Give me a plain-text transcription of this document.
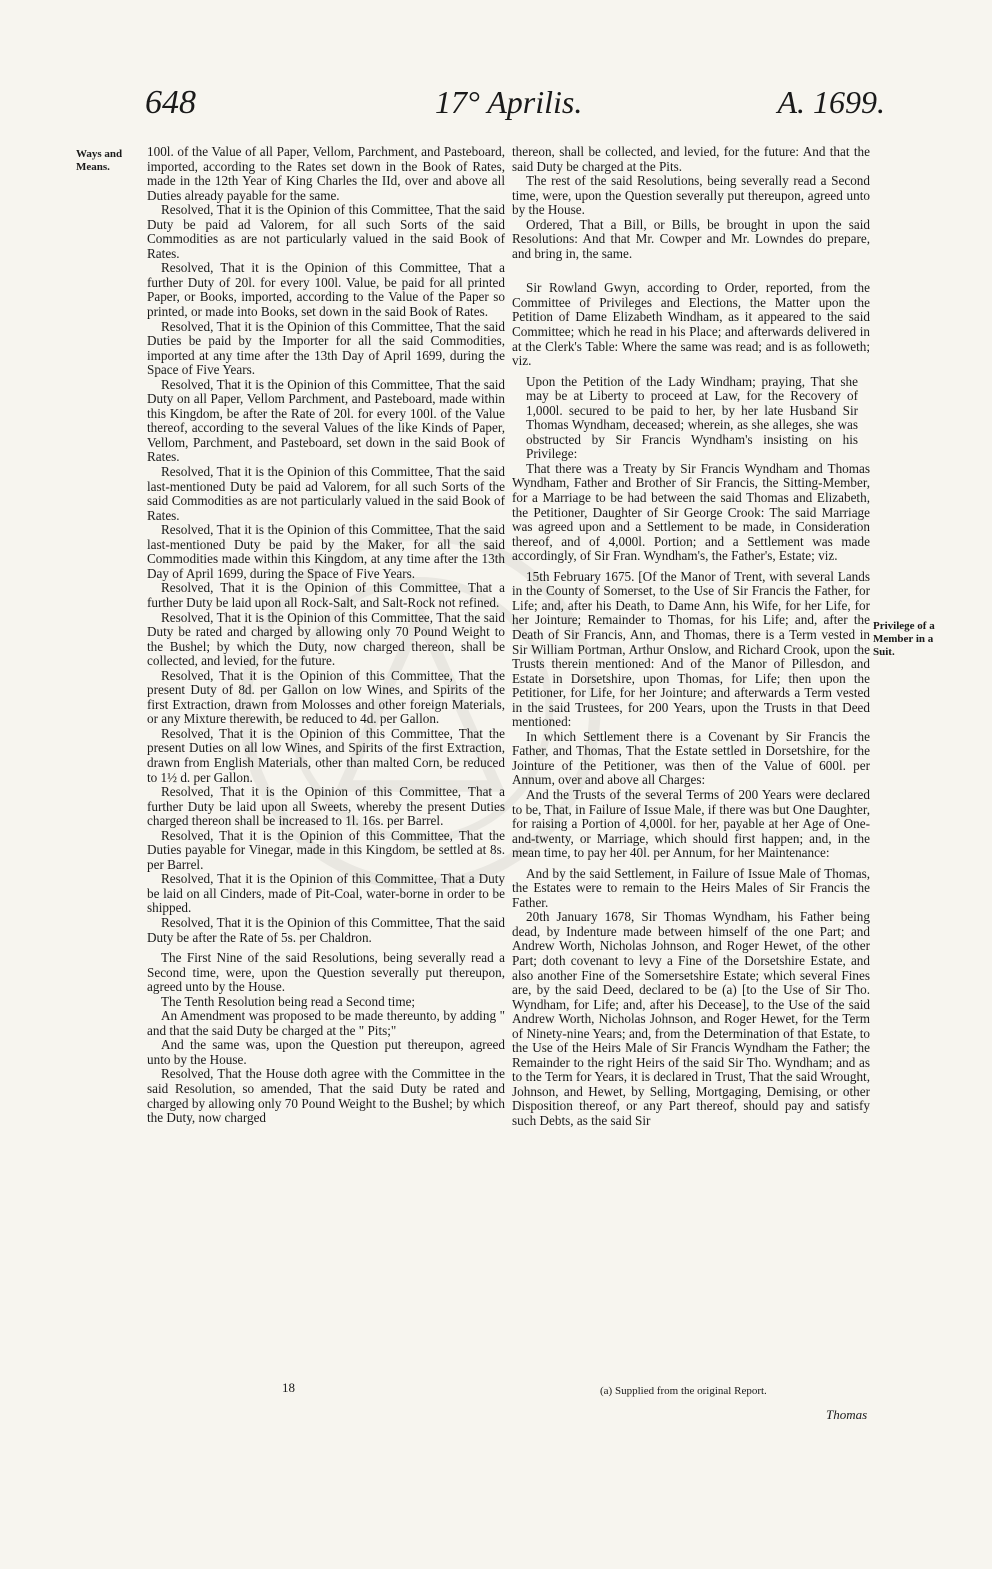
648	17° Aprilis.	A. 1699.
Ways and Means.
Privilege of a Member in a Suit.

100l. of the Value of all Paper, Vellom, Parchment, and Pasteboard, imported, according to the Rates set down in the Book of Rates, made in the 12th Year of King Charles the IId, over and above all Duties already payable for the same.

Resolved, That it is the Opinion of this Committee, That the said Duty be paid ad Valorem, for all such Sorts of the said Commodities as are not particularly valued in the said Book of Rates.

Resolved, That it is the Opinion of this Committee, That a further Duty of 20l. for every 100l. Value, be paid for all printed Paper, or Books, imported, according to the Value of the Paper so printed, or made into Books, set down in the said Book of Rates.

Resolved, That it is the Opinion of this Committee, That the said Duties be paid by the Importer for all the said Commodities, imported at any time after the 13th Day of April 1699, during the Space of Five Years.

Resolved, That it is the Opinion of this Committee, That the said Duty on all Paper, Vellom Parchment, and Pasteboard, made within this Kingdom, be after the Rate of 20l. for every 100l. of the Value thereof, according to the several Values of the like Kinds of Paper, Vellom, Parchment, and Pasteboard, set down in the said Book of Rates.

Resolved, That it is the Opinion of this Committee, That the said last-mentioned Duty be paid ad Valorem, for all such Sorts of the said Commodities as are not particularly valued in the said Book of Rates.

Resolved, That it is the Opinion of this Committee, That the said last-mentioned Duty be paid by the Maker, for all the said Commodities made within this Kingdom, at any time after the 13th Day of April 1699, during the Space of Five Years.

Resolved, That it is the Opinion of this Committee, That a further Duty be laid upon all Rock-Salt, and Salt-Rock not refined.

Resolved, That it is the Opinion of this Committee, That the said Duty be rated and charged by allowing only 70 Pound Weight to the Bushel; by which the Duty, now charged thereon, shall be collected, and levied, for the future.

Resolved, That it is the Opinion of this Committee, That the present Duty of 8d. per Gallon on low Wines, and Spirits of the first Extraction, drawn from Molosses and other foreign Materials, or any Mixture therewith, be reduced to 4d. per Gallon.

Resolved, That it is the Opinion of this Committee, That the present Duties on all low Wines, and Spirits of the first Extraction, drawn from English Materials, other than malted Corn, be reduced to 1½ d. per Gallon.

Resolved, That it is the Opinion of this Committee, That a further Duty be laid upon all Sweets, whereby the present Duties charged thereon shall be increased to 1l. 16s. per Barrel.

Resolved, That it is the Opinion of this Committee, That the Duties payable for Vinegar, made in this Kingdom, be settled at 8s. per Barrel.

Resolved, That it is the Opinion of this Committee, That a Duty be laid on all Cinders, made of Pit-Coal, water-borne in order to be shipped.

Resolved, That it is the Opinion of this Committee, That the said Duty be after the Rate of 5s. per Chaldron.

The First Nine of the said Resolutions, being severally read a Second time, were, upon the Question severally put thereupon, agreed unto by the House.

The Tenth Resolution being read a Second time;

An Amendment was proposed to be made thereunto, by adding " and that the said Duty be charged at the " Pits;"

And the same was, upon the Question put thereupon, agreed unto by the House.

Resolved, That the House doth agree with the Committee in the said Resolution, so amended, That the said Duty be rated and charged by allowing only 70 Pound Weight to the Bushel; by which the Duty, now charged

thereon, shall be collected, and levied, for the future: And that the said Duty be charged at the Pits.

The rest of the said Resolutions, being severally read a Second time, were, upon the Question severally put thereupon, agreed unto by the House.

Ordered, That a Bill, or Bills, be brought in upon the said Resolutions: And that Mr. Cowper and Mr. Lowndes do prepare, and bring in, the same.

Sir Rowland Gwyn, according to Order, reported, from the Committee of Privileges and Elections, the Matter upon the Petition of Dame Elizabeth Windham, as it appeared to the said Committee; which he read in his Place; and afterwards delivered in at the Clerk's Table: Where the same was read; and is as followeth; viz.

Upon the Petition of the Lady Windham; praying, That she may be at Liberty to proceed at Law, for the Recovery of 1,000l. secured to be paid to her, by her late Husband Sir Thomas Wyndham, deceased; wherein, as she alleges, she was obstructed by Sir Francis Wyndham's insisting on his Privilege:

That there was a Treaty by Sir Francis Wyndham and Thomas Wyndham, Father and Brother of Sir Francis, the Sitting-Member, for a Marriage to be had between the said Thomas and Elizabeth, the Petitioner, Daughter of Sir George Crook: The said Marriage was agreed upon and a Settlement to be made, in Consideration thereof, and of 4,000l. Portion; and a Settlement was made accordingly, of Sir Fran. Wyndham's, the Father's, Estate; viz.

15th February 1675. [Of the Manor of Trent, with several Lands in the County of Somerset, to the Use of Sir Francis the Father, for Life; and, after his Death, to Dame Ann, his Wife, for her Life, for her Jointure; Remainder to Thomas, for his Life; and, after the Death of Sir Francis, Ann, and Thomas, there is a Term vested in Sir William Portman, Arthur Onslow, and Richard Crook, upon the Trusts therein mentioned: And of the Manor of Pillesdon, and Estate in Dorsetshire, upon Thomas, for Life; then upon the Petitioner, for Life, for her Jointure; and afterwards a Term vested in the said Trustees, for 200 Years, upon the Trusts in that Deed mentioned:

In which Settlement there is a Covenant by Sir Francis the Father, and Thomas, That the Estate settled in Dorsetshire, for the Jointure of the Petitioner, was then of the Value of 600l. per Annum, over and above all Charges:

And the Trusts of the several Terms of 200 Years were declared to be, That, in Failure of Issue Male, if there was but One Daughter, for raising a Portion of 4,000l. for her, payable at her Age of One-and-twenty, or Marriage, which should first happen; and, in the mean time, to pay her 40l. per Annum, for her Maintenance:

And by the said Settlement, in Failure of Issue Male of Thomas, the Estates were to remain to the Heirs Males of Sir Francis the Father.

20th January 1678, Sir Thomas Wyndham, his Father being dead, by Indenture made between himself of the one Part; and Andrew Worth, Nicholas Johnson, and Roger Hewet, of the other Part; doth covenant to levy a Fine of the Dorsetshire Estate, and also another Fine of the Somersetshire Estate; which several Fines are, by the said Deed, declared to be (a) [to the Use of Sir Tho. Wyndham, for Life; and, after his Decease], to the Use of the said Andrew Worth, Nicholas Johnson, and Roger Hewet, for the Term of Ninety-nine Years; and, from the Determination of that Estate, to the Use of the Heirs Male of Sir Francis Wyndham the Father; the Remainder to the right Heirs of the said Sir Tho. Wyndham; and as to the Term for Years, it is declared in Trust, That the said Wrought, Johnson, and Hewet, by Selling, Mortgaging, Demising, or other Disposition thereof, or any Part thereof, should pay and satisfy such Debts, as the said Sir

18	(a) Supplied from the original Report.
Thomas
